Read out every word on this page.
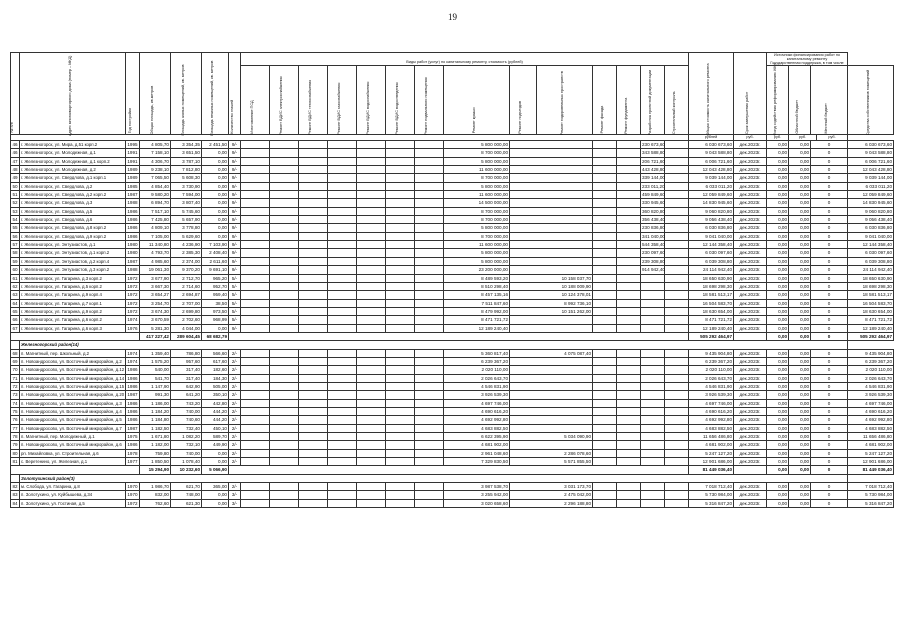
19
№ п/п	Адрес многоквартирного дома (номер – МКД)	Год постройки	Общая площадь, кв.метров	Площадь жилых помещений, кв. метров	Площадь нежилых помещений, кв. метров	Количество этажей	Виды работ (услуг) по капитальному ремонту, стоимость (рублей)														Общая стоимость капитального ремонта	Срок завершения работ	Источники финансирования работ по капитальному ремонту
Государственная поддержка, в том числе				

							Изготовление ПСД	Ремонт ВДИС электроснабжения	Ремонт ВДИС теплоснабжения	Ремонт ВДИС газоснабжения	Ремонт ВДИС водоснабжения	Ремонт ВДИС водоотведения	Ремонт подвального помещения	Ремонт крыши	Ремонт подъездов	Ремонт подкровельных пространств	Ремонт фасада	Ремонт фундамента	Разработка проектной документации	Строительный контроль			Фонд содействия реформированию ЖКХ	Областной бюджет	Местный бюджет		Средства собственников помещений

																					рублей	руб.	руб.	руб.		руб.	
46	г. Железногорск, ул. Мира, д.51 корп.2	1995	4 805,70	3 354,35	2 451,50	9/-								5 800 000,00					230 673,60		6 030 673,60	дек.2023г.	0,00	0,00	0		6 030 673,60
46	г. Железногорск, ул. Молодежная, д.1	1991	7 158,10	3 651,50	0,00	9/-								8 700 000,00					343 588,80		9 043 588,80	дек.2023г.	0,00	0,00	0		9 043 588,80
47	г. Железногорск, ул. Молодежная, д.1 корп.2	1991	4 306,70	3 787,10	0,00	9/-								5 800 000,00					206 721,60		6 006 721,60	дек.2023г.	0,00	0,00	0		6 006 721,60
48	г. Железногорск, ул. Молодежная, д.2	1989	9 238,10	7 812,80	0,00	9/-								11 600 000,00					443 428,80		12 043 428,80	дек.2023г.	0,00	0,00	0		12 043 428,80
49	г. Железногорск, ул. Свердлова, д.1 корп.1	1989	7 065,50	5 608,30	0,00	9/-								8 700 000,00					339 144,00		9 039 144,00	дек.2023г.	0,00	0,00	0		9 039 144,00
50	г. Железногорск, ул. Свердлова, д.2	1985	4 854,40	3 730,90	0,00	9/-								5 800 000,00					233 011,20		6 033 011,20	дек.2023г.	0,00	0,00	0		6 033 011,20
51	г. Железногорск, ул. Свердлова, д.2 корп.2	1987	9 580,20	7 594,00	0,00	9/-								11 600 000,00					459 849,60		12 059 849,60	дек.2023г.	0,00	0,00	0		12 059 849,60
52	г. Железногорск, ул. Свердлова, д.3	1988	6 894,70	3 807,40	0,00	9/-								14 500 000,00					330 945,60		14 830 945,60	дек.2023г.	0,00	0,00	0		14 830 945,60
53	г. Железногорск, ул. Свердлова, д.5	1986	7 517,10	5 745,60	0,00	9/-								8 700 000,00					360 820,80		9 060 820,80	дек.2023г.	0,00	0,00	0		9 060 820,80
54	г. Железногорск, ул. Свердлова, д.6	1986	7 425,80	5 657,90	0,00	9/-								8 700 000,00					356 438,40		9 056 438,40	дек.2023г.	0,00	0,00	0		9 056 438,40
55	г. Железногорск, ул. Свердлова, д.8 корп.2	1986	4 809,10	3 778,80	0,00	9/-								5 800 000,00					230 836,80		6 030 836,80	дек.2023г.	0,00	0,00	0		6 030 836,80
56	г. Железногорск, ул. Свердлова, д.9 корп.2	1986	7 105,00	5 629,60	0,00	9/-								8 700 000,00					341 040,00		9 041 040,00	дек.2023г.	0,00	0,00	0		9 041 040,00
57	г. Железногорск, ул. Энтузиастов, д.1	1980	11 340,80	4 236,90	7 103,90	9/-								11 600 000,00					544 358,40		12 144 358,40	дек.2023г.	0,00	0,00	0		12 144 358,40
58	г. Железногорск, ул. Энтузиастов, д.1 корп.2	1980	4 793,70	2 385,30	2 408,40	9/-								5 800 000,00					230 097,60		6 030 097,60	дек.2023г.	0,00	0,00	0		6 030 097,60
59	г. Железногорск, ул. Энтузиастов, д.2 корп.4	1987	4 985,60	2 374,00	2 611,60	9/-								5 800 000,00					239 308,80		6 039 308,80	дек.2023г.	0,00	0,00	0		6 039 308,80
60	г. Железногорск, ул. Энтузиастов, д.3 корп.2	1988	19 061,30	9 370,20	9 691,10	9/-								23 200 000,00					914 942,40		24 114 942,40	дек.2023г.	0,00	0,00	0		24 114 942,40
61	г. Железногорск, ул. Гагарина, д.3 корп.2	1972	3 677,90	2 712,70	965,20	5/-								8 489 593,20	10 158 037,70						18 650 630,90	дек.2023г.	0,00	0,00	0		18 650 630,90
62	г. Железногорск, ул. Гагарина, д.5 корп.2	1972	3 667,30	2 714,60	952,70	5/-								8 510 298,40	10 188 009,90						18 698 298,30	дек.2023г.	0,00	0,00	0		18 698 298,30
63	г. Железногорск, ул. Гагарина, д.9 корп.4	1972	3 654,27	2 694,87	959,40	5/-								8 457 135,16	10 124 378,01						18 581 513,17	дек.2023г.	0,00	0,00	0		18 581 513,17
64	г. Железногорск, ул. Гагарина, д.7 корп.1	1972	3 254,70	2 707,00	38,50	5/-								7 511 847,60	8 992 736,10						16 504 583,70	дек.2023г.	0,00	0,00	0		16 504 583,70
65	г. Железногорск, ул. Гагарина, д.9 корп.2	1972	3 674,30	2 699,80	973,50	5/-								8 479 992,00	10 151 262,00						18 630 654,00	дек.2023г.	0,00	0,00	0		18 630 654,00
66	г. Железногорск, ул. Гагарина, д.6 корп.2	1974	3 670,59	2 702,60	968,99	5/-								8 471 721,72							8 471 721,72	дек.2023г.	0,00	0,00	0		8 471 721,72
67	г. Железногорск, ул. Гагарина, д.6 корп.3	1976	5 281,30	4 044,00	0,00	9/-								12 189 240,40							12 189 240,40	дек.2023г.	0,00	0,00	0		12 189 240,40
			417 227,42	289 604,45	68 682,79																505 292 464,97		0,00	0,00	0		505 292 464,97
	Железногорский район(14)																										
68	п. Магнитный, пер. Школьный, д.2	1974	1 359,40	786,80	566,60	2/-								5 360 817,40	4 075 087,40						9 435 904,80	дек.2023г.	0,00	0,00	0		9 435 904,80
69	п. Новоандросово, ул. Восточный микрорайон, д.2	1974	1 575,20	957,60	617,60	2/-								6 239 367,20							6 239 367,20	дек.2023г.	0,00	0,00	0		6 239 367,20
70	п. Новоандросово, ул. Восточный микрорайон, д.12	1986	540,00	317,40	182,60	2/-								2 020 110,00							2 020 110,00	дек.2023г.	0,00	0,00	0		2 020 110,00
71	п. Новоандросово, ул. Восточный микрорайон, д.14	1986	541,70	317,40	184,30	2/-								2 026 643,70							2 026 643,70	дек.2023г.	0,00	0,00	0		2 026 643,70
72	п. Новоандросово, ул. Восточный микрорайон, д.15	1986	1 147,90	642,90	505,00	2/-								4 546 831,90							4 546 831,90	дек.2023г.	0,00	0,00	0		4 546 831,90
73	п. Новоандросово, ул. Восточный микрорайон, д.20	1987	991,30	641,20	350,10	2/-								3 926 539,30							3 926 539,30	дек.2023г.	0,00	0,00	0		3 926 539,30
74	п. Новоандросово, ул. Восточный микрорайон, д.3	1986	1 186,00	743,20	442,80	2/-								4 697 746,00							4 697 746,00	дек.2023г.	0,00	0,00	0		4 697 746,00
75	п. Новоандросово, ул. Восточный микрорайон, д.4	1986	1 184,20	740,00	444,20	2/-								4 690 616,20							4 690 616,20	дек.2023г.	0,00	0,00	0		4 690 616,20
76	п. Новоандросово, ул. Восточный микрорайон, д.5	1986	1 184,80	740,60	444,20	2/-								4 692 992,80							4 692 992,80	дек.2023г.	0,00	0,00	0		4 692 992,80
77	п. Новоандросово, ул. Восточный микрорайон, д.7	1987	1 182,50	732,40	450,10	2/-								4 683 882,50							4 683 882,50	дек.2023г.	0,00	0,00	0		4 683 882,50
78	п. Магнитный, пер. Молодежный, д.1	1975	1 671,80	1 082,20	589,70	2/-								6 622 395,90	5 034 090,90						11 656 486,80	дек.2023г.	0,00	0,00	0		11 656 486,80
79	п. Новоандросово, ул. Восточный микрорайон, д.6	1986	1 182,00	732,10	449,90	2/-								4 681 902,00							4 681 902,00	дек.2023г.	0,00	0,00	0		4 681 902,00
80	рп. Михайловка, ул. Строительная, д.6	1978	759,80	740,00	0,00	2/-								2 961 048,60	2 286 078,60						5 247 127,20	дек.2023г.	0,00	0,00	0		5 247 127,20
81	с. Веретенино, ул. Железная, д.1	1977	1 850,50	1 078,40	0,00	2/-								7 329 830,50	5 571 855,50						12 901 686,00	дек.2023г.	0,00	0,00	0		12 901 686,00
			15 294,90	10 232,60	5 066,90																81 449 036,40		0,00	0,00	0		81 449 036,40
	Золотухинский район(3)																										
82	м. Слобода, ул. Гагарина, д.8	1970	1 986,70	621,70	365,00	2/-								3 987 538,70	3 031 173,70						7 018 712,40	дек.2023г.	0,00	0,00	0		7 018 712,40
83	п. Золотухино, ул. Куйбышева, д.34	1970	832,00	748,00	0,00	3/-								3 255 942,00	2 475 042,00						5 730 984,00	дек.2023г.	0,00	0,00	0		5 730 984,00
84	п. Золотухино, ул. Гостиная, д.5	1972	762,60	621,30	0,00	3/-								3 020 658,60	2 296 188,80						5 316 847,20	дек.2023г.	0,00	0,00	0		5 316 847,20
